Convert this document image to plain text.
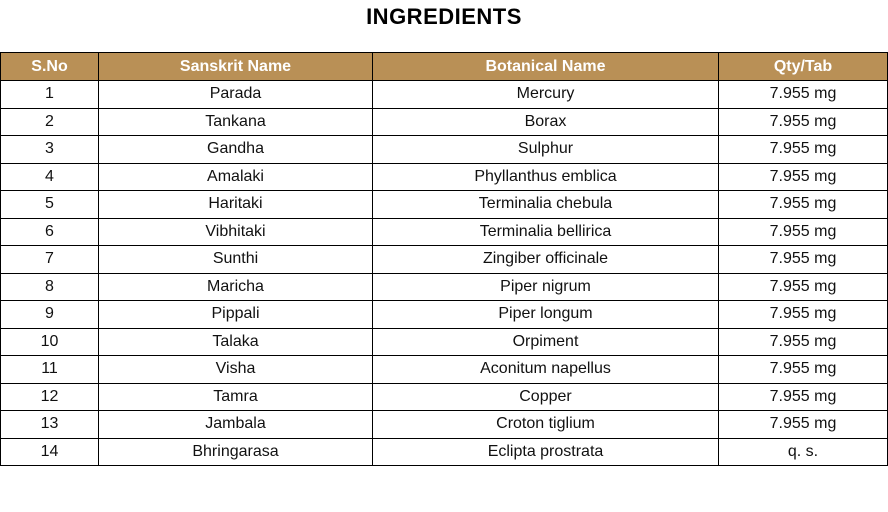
INGREDIENTS
S.No	Sanskrit Name	Botanical Name	Qty/Tab
1	Parada	Mercury	7.955 mg
2	Tankana	Borax	7.955 mg
3	Gandha	Sulphur	7.955 mg
4	Amalaki	Phyllanthus emblica	7.955 mg
5	Haritaki	Terminalia chebula	7.955 mg
6	Vibhitaki	Terminalia bellirica	7.955 mg
7	Sunthi	Zingiber officinale	7.955 mg
8	Maricha	Piper nigrum	7.955 mg
9	Pippali	Piper longum	7.955 mg
10	Talaka	Orpiment	7.955 mg
11	Visha	Aconitum napellus	7.955 mg
12	Tamra	Copper	7.955 mg
13	Jambala	Croton tiglium	7.955 mg
14	Bhringarasa	Eclipta prostrata	q. s.
